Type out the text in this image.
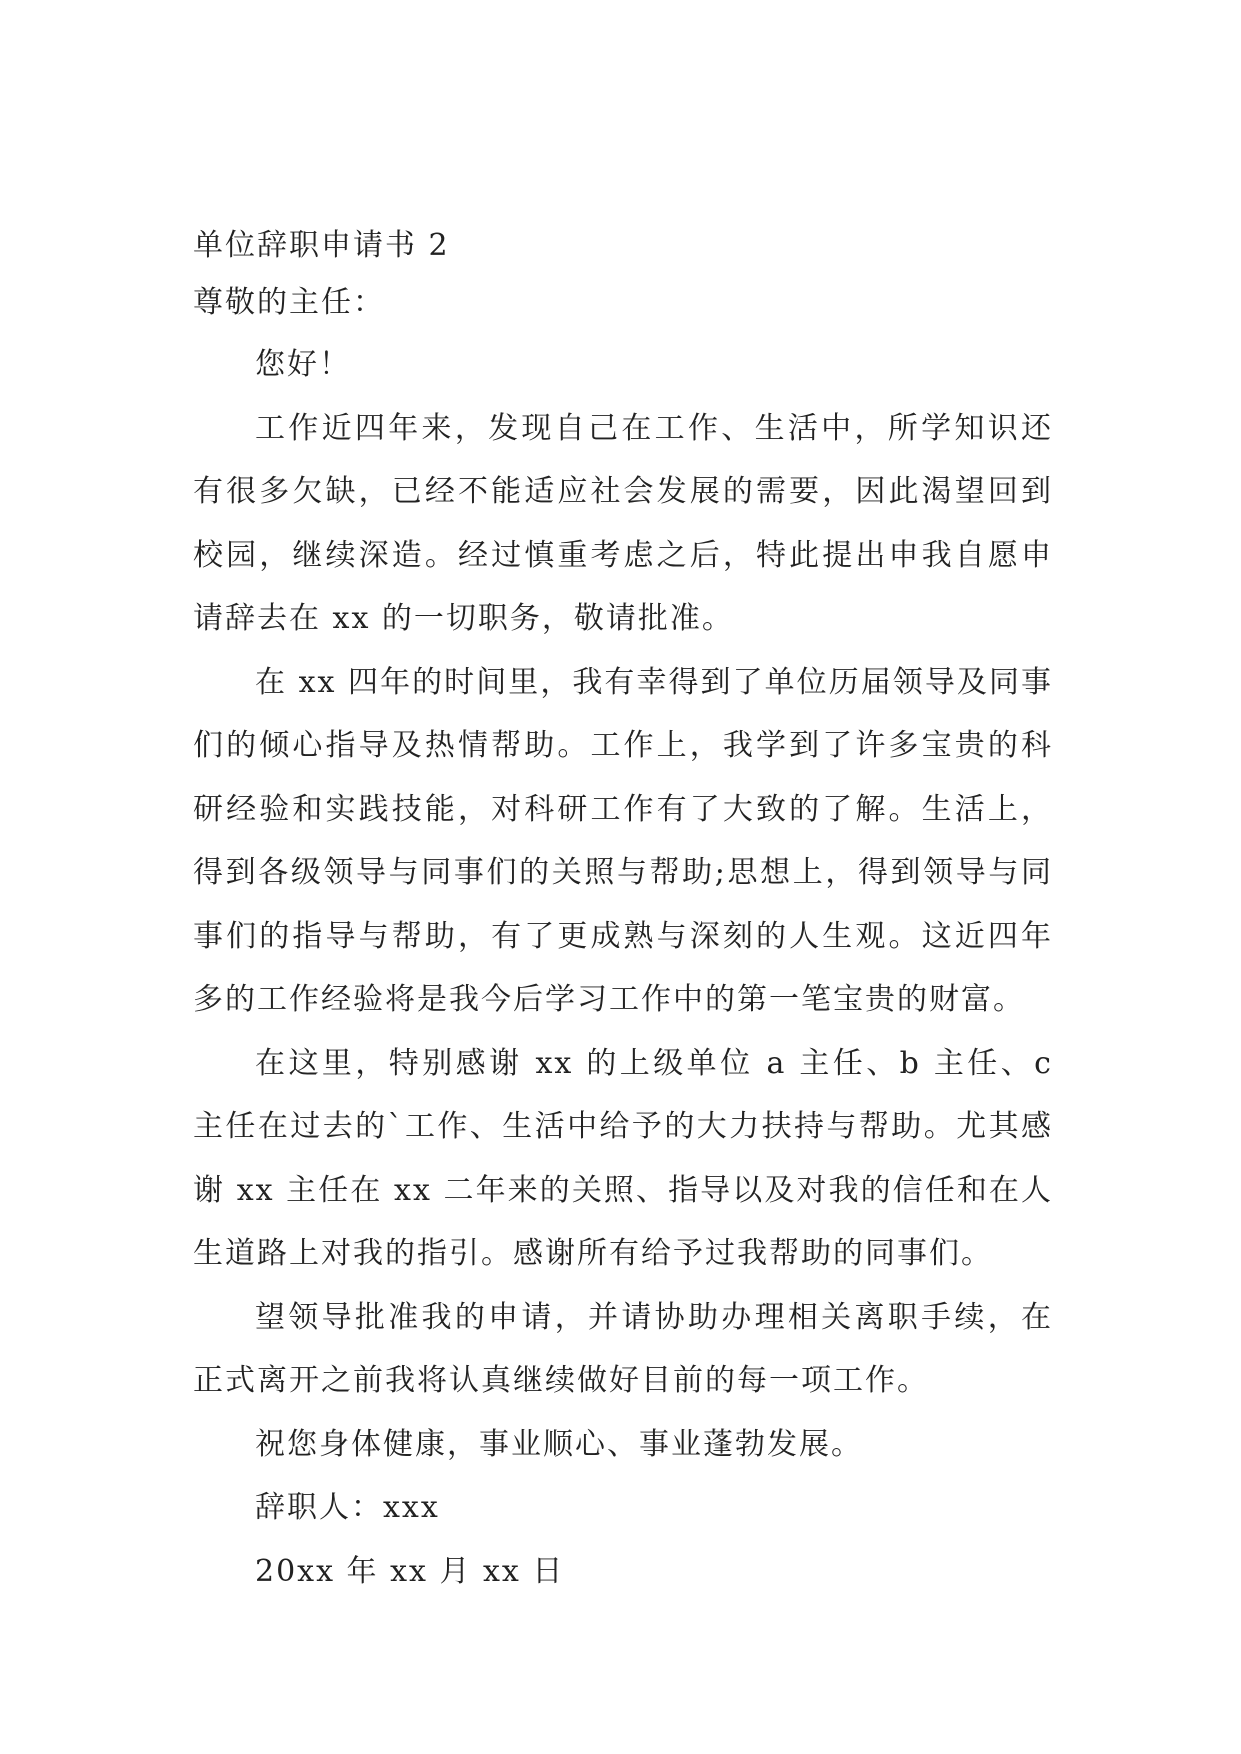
单位辞职申请书 2

尊敬的主任：

您好！

工作近四年来，发现自己在工作、生活中，所学知识还有很多欠缺，已经不能适应社会发展的需要，因此渴望回到校园，继续深造。经过慎重考虑之后，特此提出申我自愿申请辞去在 xx 的一切职务，敬请批准。

在 xx 四年的时间里，我有幸得到了单位历届领导及同事们的倾心指导及热情帮助。工作上，我学到了许多宝贵的科研经验和实践技能，对科研工作有了大致的了解。生活上，得到各级领导与同事们的关照与帮助;思想上，得到领导与同事们的指导与帮助，有了更成熟与深刻的人生观。这近四年多的工作经验将是我今后学习工作中的第一笔宝贵的财富。

在这里，特别感谢 xx 的上级单位 a 主任、b 主任、c 主任在过去的`工作、生活中给予的大力扶持与帮助。尤其感谢 xx 主任在 xx 二年来的关照、指导以及对我的信任和在人生道路上对我的指引。感谢所有给予过我帮助的同事们。

望领导批准我的申请，并请协助办理相关离职手续，在正式离开之前我将认真继续做好目前的每一项工作。

祝您身体健康，事业顺心、事业蓬勃发展。

辞职人：xxx

20xx 年 xx 月 xx 日
